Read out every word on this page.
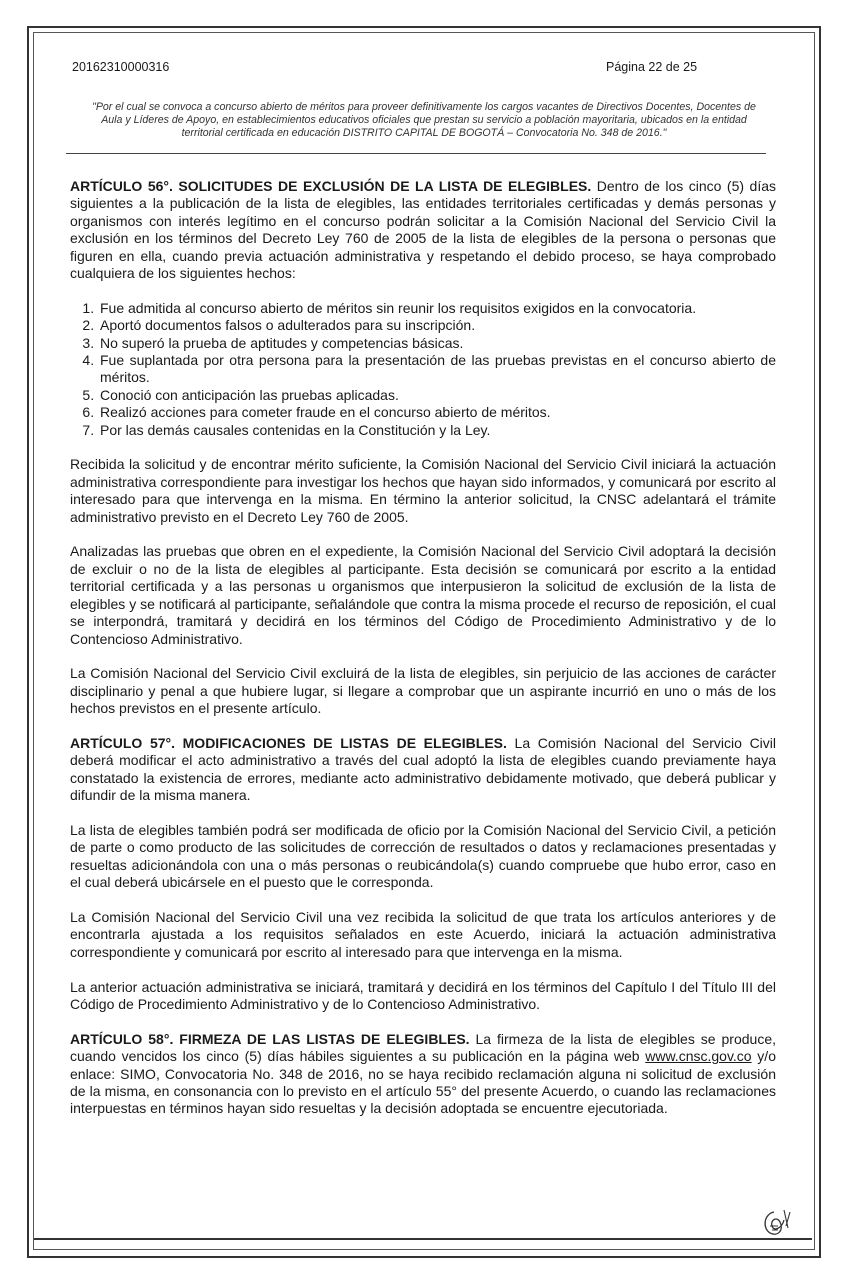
20162310000316	Página 22 de 25
"Por el cual se convoca a concurso abierto de méritos para proveer definitivamente los cargos vacantes de Directivos Docentes, Docentes de Aula y Líderes de Apoyo, en establecimientos educativos oficiales que prestan su servicio a población mayoritaria, ubicados en la entidad territorial certificada en educación DISTRITO CAPITAL DE BOGOTÁ – Convocatoria No. 348 de 2016."

ARTÍCULO 56°. SOLICITUDES DE EXCLUSIÓN DE LA LISTA DE ELEGIBLES. Dentro de los cinco (5) días siguientes a la publicación de la lista de elegibles, las entidades territoriales certificadas y demás personas y organismos con interés legítimo en el concurso podrán solicitar a la Comisión Nacional del Servicio Civil la exclusión en los términos del Decreto Ley 760 de 2005 de la lista de elegibles de la persona o personas que figuren en ella, cuando previa actuación administrativa y respetando el debido proceso, se haya comprobado cualquiera de los siguientes hechos:

1. Fue admitida al concurso abierto de méritos sin reunir los requisitos exigidos en la convocatoria.
2. Aportó documentos falsos o adulterados para su inscripción.
3. No superó la prueba de aptitudes y competencias básicas.
4. Fue suplantada por otra persona para la presentación de las pruebas previstas en el concurso abierto de méritos.
5. Conoció con anticipación las pruebas aplicadas.
6. Realizó acciones para cometer fraude en el concurso abierto de méritos.
7. Por las demás causales contenidas en la Constitución y la Ley.

Recibida la solicitud y de encontrar mérito suficiente, la Comisión Nacional del Servicio Civil iniciará la actuación administrativa correspondiente para investigar los hechos que hayan sido informados, y comunicará por escrito al interesado para que intervenga en la misma. En término la anterior solicitud, la CNSC adelantará el trámite administrativo previsto en el Decreto Ley 760 de 2005.

Analizadas las pruebas que obren en el expediente, la Comisión Nacional del Servicio Civil adoptará la decisión de excluir o no de la lista de elegibles al participante. Esta decisión se comunicará por escrito a la entidad territorial certificada y a las personas u organismos que interpusieron la solicitud de exclusión de la lista de elegibles y se notificará al participante, señalándole que contra la misma procede el recurso de reposición, el cual se interpondrá, tramitará y decidirá en los términos del Código de Procedimiento Administrativo y de lo Contencioso Administrativo.

La Comisión Nacional del Servicio Civil excluirá de la lista de elegibles, sin perjuicio de las acciones de carácter disciplinario y penal a que hubiere lugar, si llegare a comprobar que un aspirante incurrió en uno o más de los hechos previstos en el presente artículo.

ARTÍCULO 57°. MODIFICACIONES DE LISTAS DE ELEGIBLES. La Comisión Nacional del Servicio Civil deberá modificar el acto administrativo a través del cual adoptó la lista de elegibles cuando previamente haya constatado la existencia de errores, mediante acto administrativo debidamente motivado, que deberá publicar y difundir de la misma manera.

La lista de elegibles también podrá ser modificada de oficio por la Comisión Nacional del Servicio Civil, a petición de parte o como producto de las solicitudes de corrección de resultados o datos y reclamaciones presentadas y resueltas adicionándola con una o más personas o reubicándola(s) cuando compruebe que hubo error, caso en el cual deberá ubicársele en el puesto que le corresponda.

La Comisión Nacional del Servicio Civil una vez recibida la solicitud de que trata los artículos anteriores y de encontrarla ajustada a los requisitos señalados en este Acuerdo, iniciará la actuación administrativa correspondiente y comunicará por escrito al interesado para que intervenga en la misma.

La anterior actuación administrativa se iniciará, tramitará y decidirá en los términos del Capítulo I del Título III del Código de Procedimiento Administrativo y de lo Contencioso Administrativo.

ARTÍCULO 58°. FIRMEZA DE LAS LISTAS DE ELEGIBLES. La firmeza de la lista de elegibles se produce, cuando vencidos los cinco (5) días hábiles siguientes a su publicación en la página web www.cnsc.gov.co y/o enlace: SIMO, Convocatoria No. 348 de 2016, no se haya recibido reclamación alguna ni solicitud de exclusión de la misma, en consonancia con lo previsto en el artículo 55° del presente Acuerdo, o cuando las reclamaciones interpuestas en términos hayan sido resueltas y la decisión adoptada se encuentre ejecutoriada.
